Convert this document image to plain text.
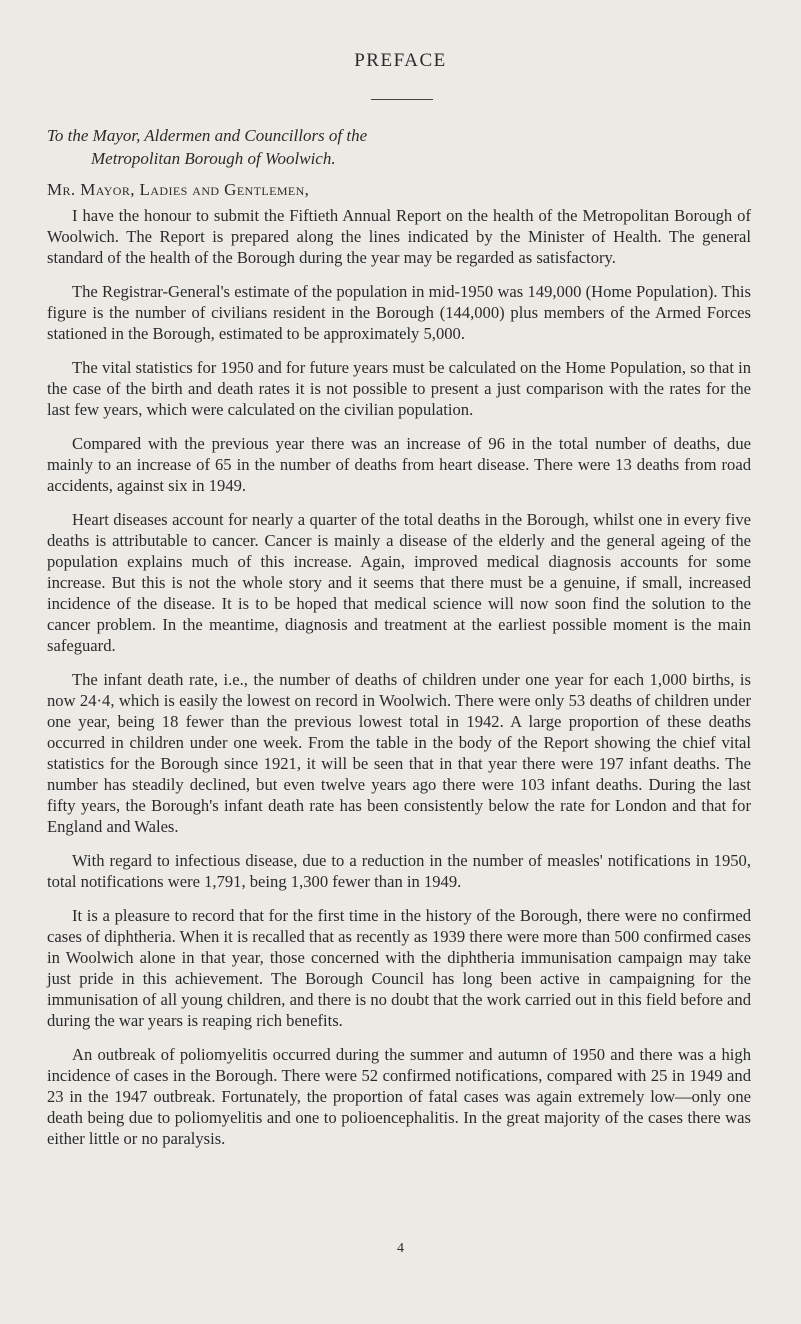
PREFACE
To the Mayor, Aldermen and Councillors of the
Metropolitan Borough of Woolwich.

Mr. Mayor, Ladies and Gentlemen,

I have the honour to submit the Fiftieth Annual Report on the health of the Metropolitan Borough of Woolwich. The Report is prepared along the lines indicated by the Minister of Health. The general standard of the health of the Borough during the year may be regarded as satisfactory.

The Registrar-General's estimate of the population in mid-1950 was 149,000 (Home Population). This figure is the number of civilians resident in the Borough (144,000) plus members of the Armed Forces stationed in the Borough, estimated to be approximately 5,000.

The vital statistics for 1950 and for future years must be calculated on the Home Population, so that in the case of the birth and death rates it is not possible to present a just comparison with the rates for the last few years, which were calculated on the civilian population.

Compared with the previous year there was an increase of 96 in the total number of deaths, due mainly to an increase of 65 in the number of deaths from heart disease. There were 13 deaths from road accidents, against six in 1949.

Heart diseases account for nearly a quarter of the total deaths in the Borough, whilst one in every five deaths is attributable to cancer. Cancer is mainly a disease of the elderly and the general ageing of the population explains much of this increase. Again, improved medical diagnosis accounts for some increase. But this is not the whole story and it seems that there must be a genuine, if small, increased incidence of the disease. It is to be hoped that medical science will now soon find the solution to the cancer problem. In the meantime, diagnosis and treatment at the earliest possible moment is the main safeguard.

The infant death rate, i.e., the number of deaths of children under one year for each 1,000 births, is now 24·4, which is easily the lowest on record in Woolwich. There were only 53 deaths of children under one year, being 18 fewer than the previous lowest total in 1942. A large proportion of these deaths occurred in children under one week. From the table in the body of the Report showing the chief vital statistics for the Borough since 1921, it will be seen that in that year there were 197 infant deaths. The number has steadily declined, but even twelve years ago there were 103 infant deaths. During the last fifty years, the Borough's infant death rate has been consistently below the rate for London and that for England and Wales.

With regard to infectious disease, due to a reduction in the number of measles' notifications in 1950, total notifications were 1,791, being 1,300 fewer than in 1949.

It is a pleasure to record that for the first time in the history of the Borough, there were no confirmed cases of diphtheria. When it is recalled that as recently as 1939 there were more than 500 confirmed cases in Woolwich alone in that year, those concerned with the diphtheria immunisation campaign may take just pride in this achievement. The Borough Council has long been active in campaigning for the immunisation of all young children, and there is no doubt that the work carried out in this field before and during the war years is reaping rich benefits.

An outbreak of poliomyelitis occurred during the summer and autumn of 1950 and there was a high incidence of cases in the Borough. There were 52 confirmed notifications, compared with 25 in 1949 and 23 in the 1947 outbreak. Fortunately, the proportion of fatal cases was again extremely low—only one death being due to poliomyelitis and one to polioencephalitis. In the great majority of the cases there was either little or no paralysis.

4
